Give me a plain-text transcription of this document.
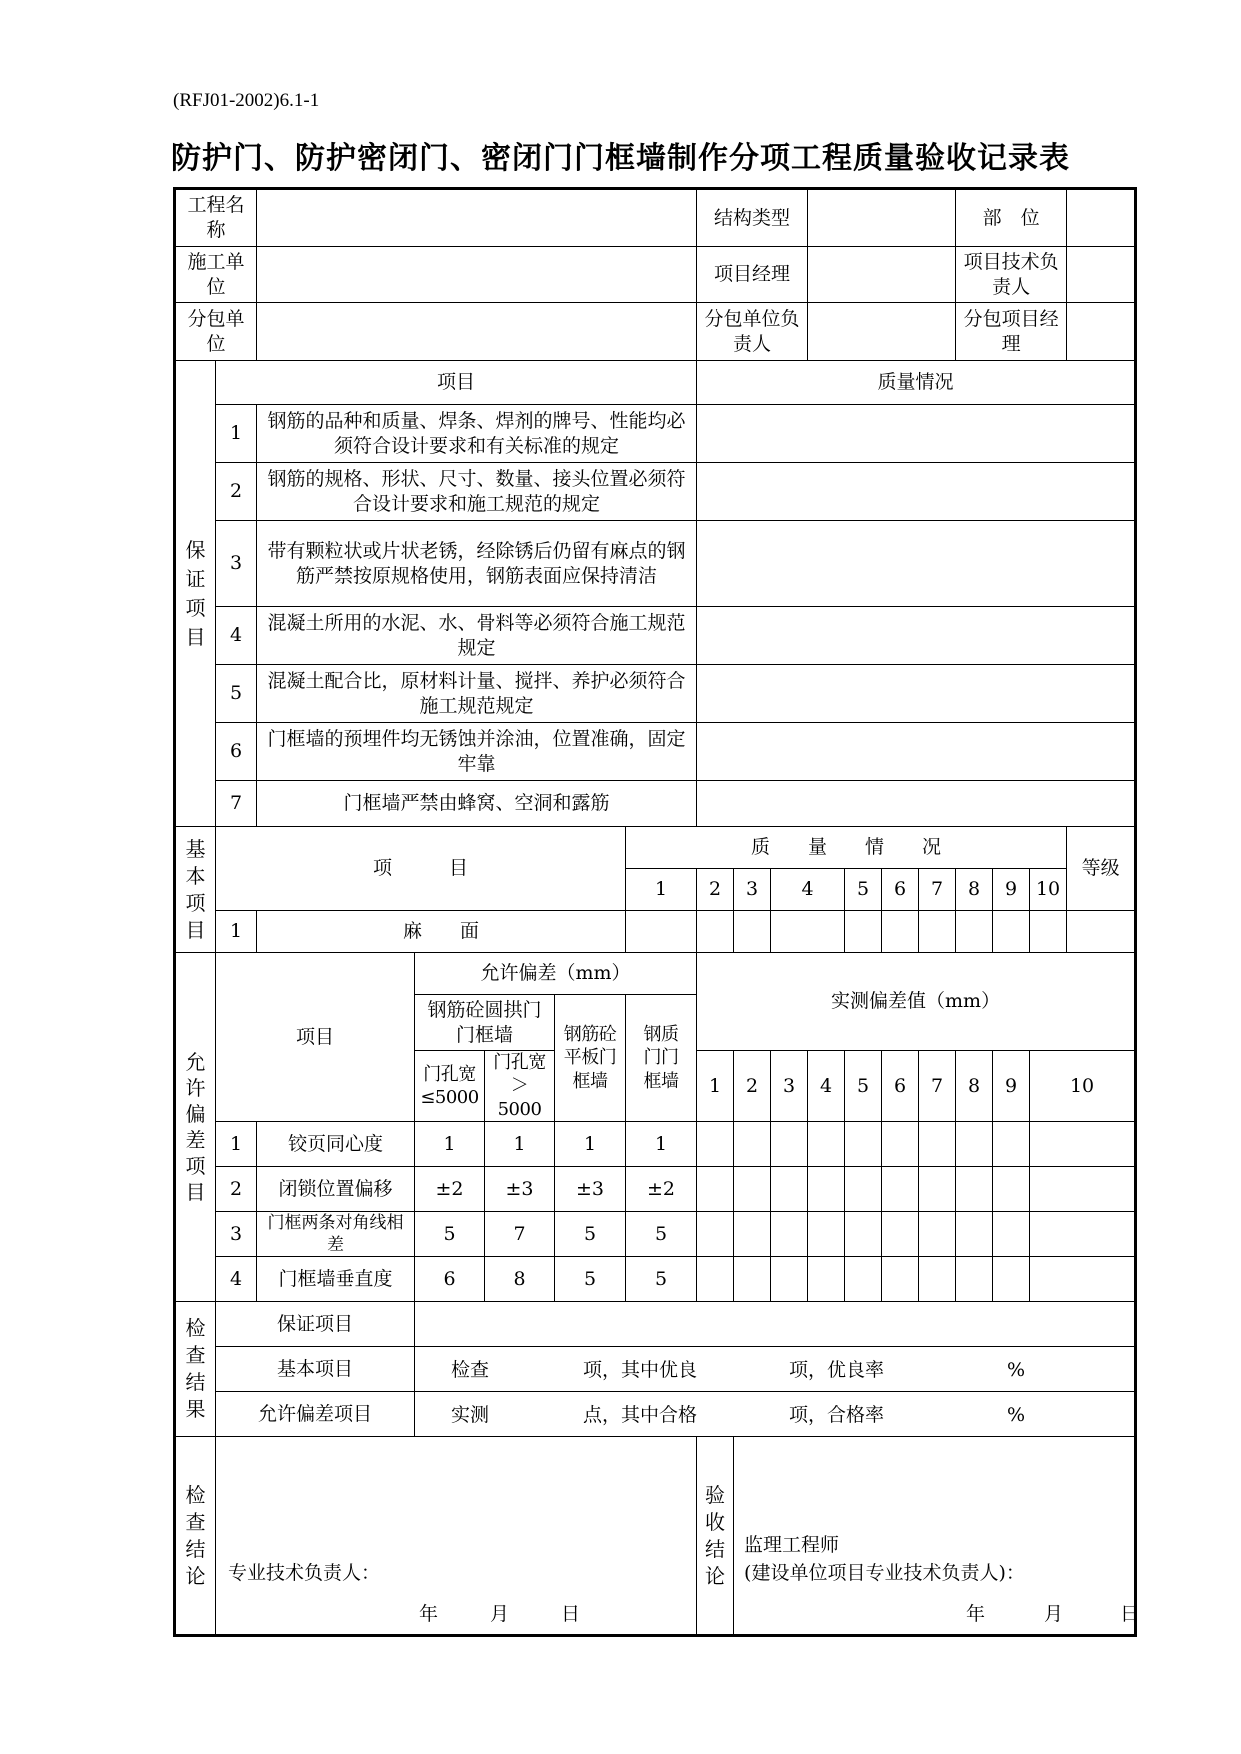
(RFJ01-2002)6.1-1
防护门、防护密闭门、密闭门门框墙制作分项工程质量验收记录表
工程名称							结构类型							部　位			
施工单位							项目经理							项目技术负责人			
分包单位							分包单位负责人							分包项目经理			
保证项目	项目						质量情况										
	1	钢筋的品种和质量、焊条、焊剂的牌号、性能均必须符合设计要求和有关标准的规定															
	2	钢筋的规格、形状、尺寸、数量、接头位置必须符合设计要求和施工规范的规定															
	3	带有颗粒状或片状老锈，经除锈后仍留有麻点的钢筋严禁按原规格使用，钢筋表面应保持清洁															
	4	混凝土所用的水泥、水、骨料等必须符合施工规范规定															
	5	混凝土配合比，原材料计量、搅拌、养护必须符合施工规范规定															
	6	门框墙的预埋件均无锈蚀并涂油，位置准确，固定牢靠															
	7	门框墙严禁由蜂窝、空洞和露筋															
基本项目	项　　　目					质　　量　　情　　况											等级
						1	2	3	4		5	6	7	8	9	10	
	1	麻　　面															
允许偏差项目	项目		允许偏差（mm）				实测偏差值（mm）										

			钢筋砼圆拱门门框墙		钢筋砼平板门框墙	钢质门门框墙											
			门孔宽≤5000	门孔宽＞5000			1	2	3	4	5	6	7	8	9	10	
	1	铰页同心度	1	1	1	1											
	2	闭锁位置偏移	±2	±3	±3	±2											
	3	门框两条对角线相差	5	7	5	5											
	4	门框墙垂直度	6	8	5	5											
检查结果	保证项目																
	基本项目		检查 项，其中优良 项，优良率 %														

	允许偏差项目		实测 点，其中合格 项，合格率 %														

检查结论	专业技术负责人：
年 月 日						验收结论	监理工程师
(建设单位项目专业技术负责人)：
年 月 日									
